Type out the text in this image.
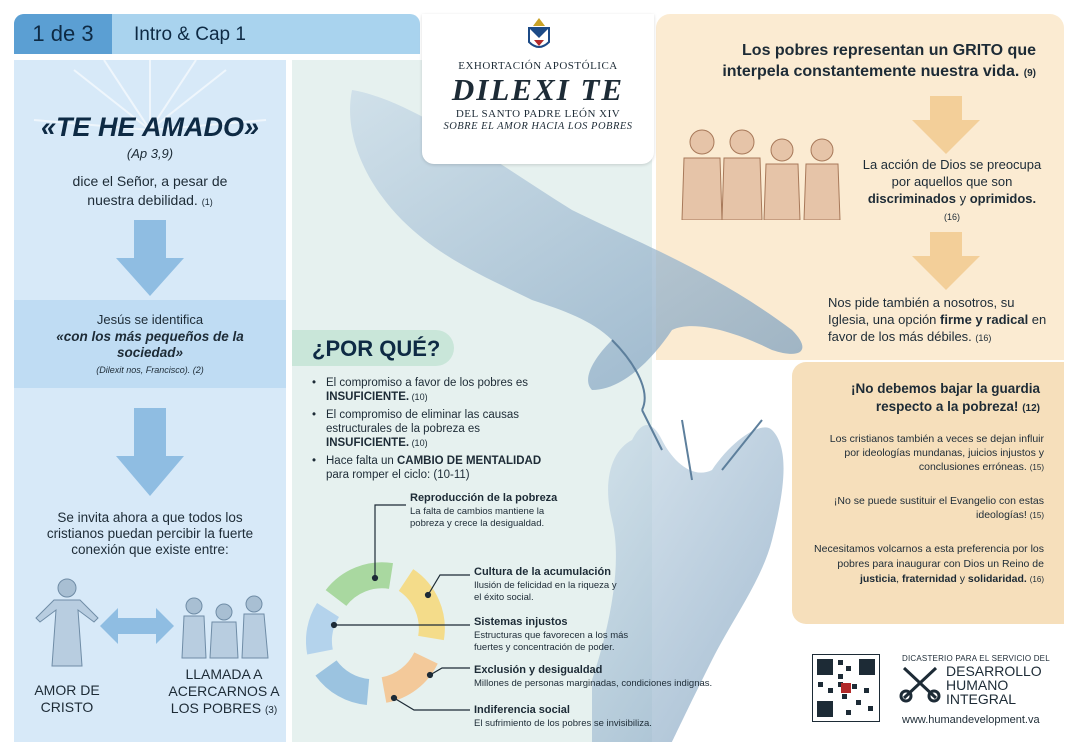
1 de 3	Intro & Cap 1
EXHORTACIÓN APOSTÓLICA
DILEXI TE
DEL SANTO PADRE LEÓN XIV
SOBRE EL AMOR HACIA LOS POBRES
«TE HE AMADO»
(Ap 3,9)
dice el Señor, a pesar de nuestra debilidad. (1)
Jesús se identifica
«con los más pequeños de la sociedad»
(Dilexit nos, Francisco). (2)
Se invita ahora a que todos los cristianos puedan percibir la fuerte conexión que existe entre:
AMOR DE CRISTO
LLAMADA A ACERCARNOS A LOS POBRES (3)
¿POR QUÉ?
• El compromiso a favor de los pobres es INSUFICIENTE. (10)
• El compromiso de eliminar las causas estructurales de la pobreza es INSUFICIENTE. (10)
• Hace falta un CAMBIO DE MENTALIDAD para romper el ciclo: (10-11)
Reproducción de la pobreza
La falta de cambios mantiene la pobreza y crece la desigualdad.
Cultura de la acumulación
Ilusión de felicidad en la riqueza y el éxito social.
Sistemas injustos
Estructuras que favorecen a los más fuertes y concentración de poder.
Exclusión y desigualdad
Millones de personas marginadas, condiciones indignas.
Indiferencia social
El sufrimiento de los pobres se invisibiliza.
Los pobres representan un GRITO que interpela constantemente nuestra vida. (9)
La acción de Dios se preocupa por aquellos que son discriminados y oprimidos. (16)
Nos pide también a nosotros, su Iglesia, una opción firme y radical en favor de los más débiles. (16)
¡No debemos bajar la guardia respecto a la pobreza! (12)
Los cristianos también a veces se dejan influir por ideologías mundanas, juicios injustos y conclusiones erróneas. (15)
¡No se puede sustituir el Evangelio con estas ideologías! (15)
Necesitamos volcarnos a esta preferencia por los pobres para inaugurar con Dios un Reino de justicia, fraternidad y solidaridad. (16)
DICASTERIO PARA EL SERVICIO DEL
DESARROLLO
HUMANO
INTEGRAL
www.humandevelopment.va
